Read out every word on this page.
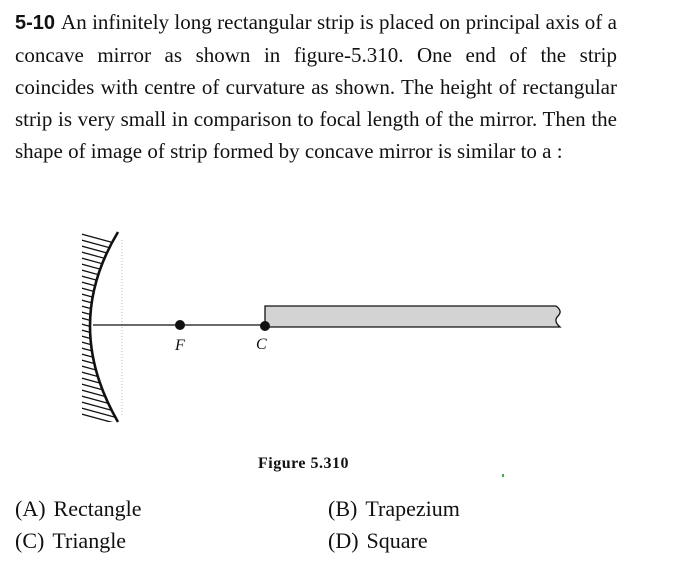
5-10 An infinitely long rectangular strip is placed on principal axis of a concave mirror as shown in figure-5.310. One end of the strip coincides with centre of curvature as shown. The height of rectangular strip is very small in comparison to focal length of the mirror. Then the shape of image of strip formed by concave mirror is similar to a :

F	C

Figure 5.310

(A) Rectangle	(B) Trapezium
(C) Triangle	(D) Square
